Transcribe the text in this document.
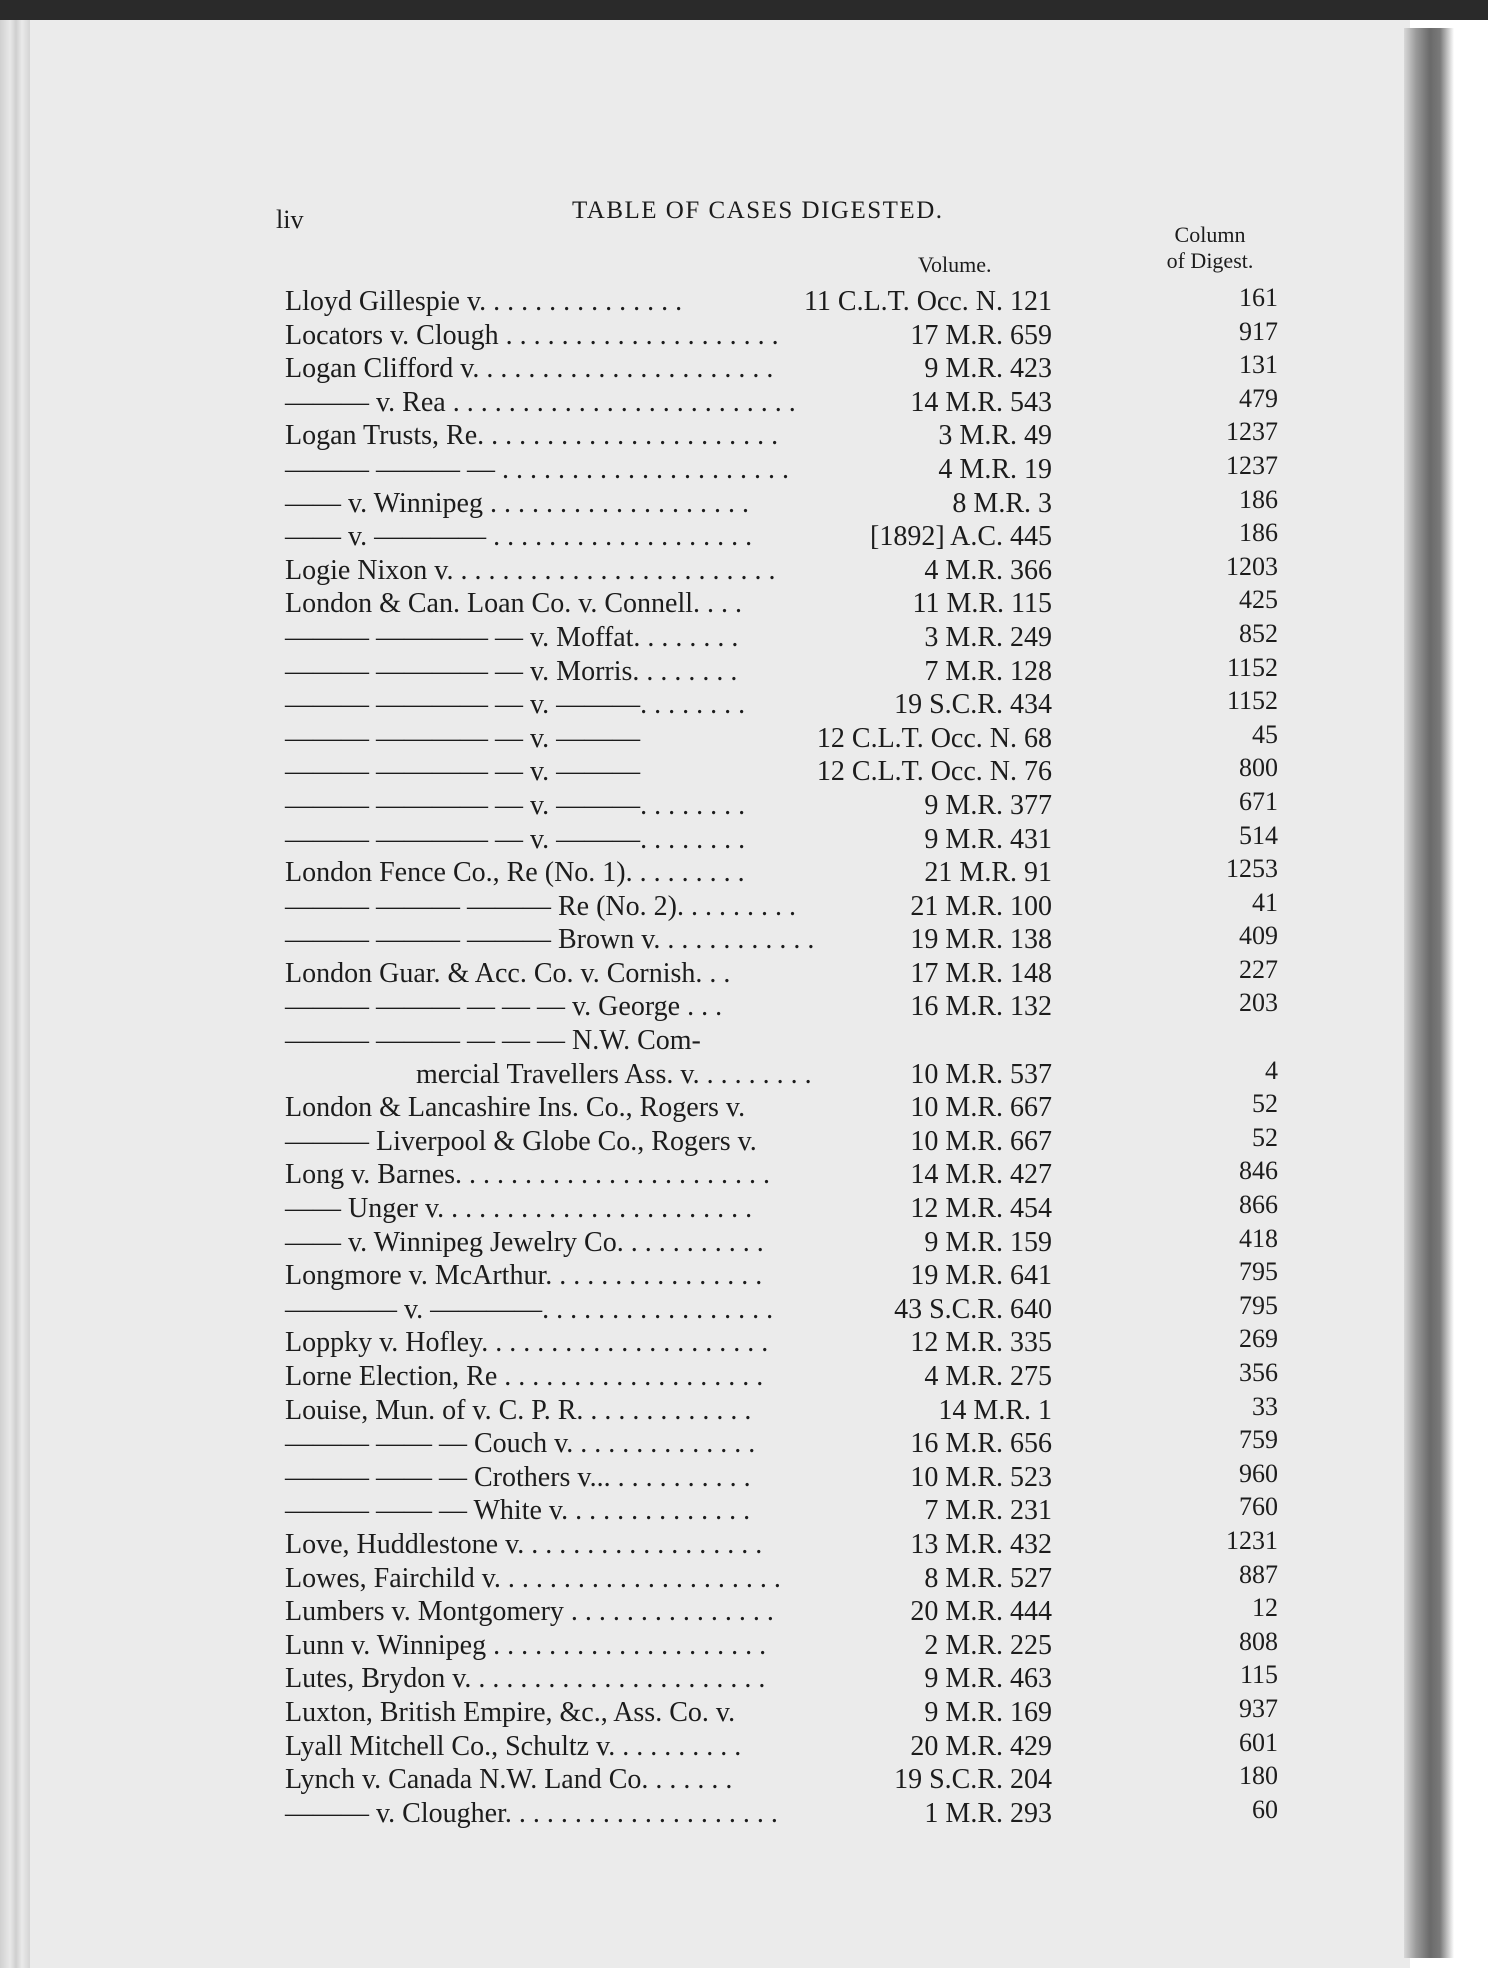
liv	TABLE OF CASES DIGESTED.
Column
of Digest.
Volume.
Lloyd Gillespie v. . . . . . . . . . . . . . .	11 C.L.T. Occ. N. 121	161
Locators v. Clough . . . . . . . . . . . . . . . . . . . .	17 M.R. 659	917
Logan Clifford v. . . . . . . . . . . . . . . . . . . . . .	9 M.R. 423	131
——— v. Rea . . . . . . . . . . . . . . . . . . . . . . . . .	14 M.R. 543	479
Logan Trusts, Re. . . . . . . . . . . . . . . . . . . . . .	3 M.R. 49	1237
——— ——— — . . . . . . . . . . . . . . . . . . . . .	4 M.R. 19	1237
—— v. Winnipeg . . . . . . . . . . . . . . . . . . .	8 M.R. 3	186
—— v. ———— . . . . . . . . . . . . . . . . . . .	[1892] A.C. 445	186
Logie Nixon v. . . . . . . . . . . . . . . . . . . . . . . .	4 M.R. 366	1203
London & Can. Loan Co. v. Connell. . . .	11 M.R. 115	425
——— ———— — v. Moffat. . . . . . . .	3 M.R. 249	852
——— ———— — v. Morris. . . . . . . .	7 M.R. 128	1152
——— ———— — v. ———. . . . . . . .	19 S.C.R. 434	1152
——— ———— — v. ———	12 C.L.T. Occ. N. 68	45
——— ———— — v. ———	12 C.L.T. Occ. N. 76	800
——— ———— — v. ———. . . . . . . .	9 M.R. 377	671
——— ———— — v. ———. . . . . . . .	9 M.R. 431	514
London Fence Co., Re (No. 1). . . . . . . . .	21 M.R. 91	1253
——— ——— ——— Re (No. 2). . . . . . . . .	21 M.R. 100	41
——— ——— ——— Brown v. . . . . . . . . . . .	19 M.R. 138	409
London Guar. & Acc. Co. v. Cornish. . .	17 M.R. 148	227
——— ——— — — — v. George . . .	16 M.R. 132	203
——— ——— — — — N.W. Com-
mercial Travellers Ass. v. . . . . . . . .	10 M.R. 537	4
London & Lancashire Ins. Co., Rogers v.	10 M.R. 667	52
——— Liverpool & Globe Co., Rogers v.	10 M.R. 667	52
Long v. Barnes. . . . . . . . . . . . . . . . . . . . . . .	14 M.R. 427	846
—— Unger v. . . . . . . . . . . . . . . . . . . . . . .	12 M.R. 454	866
—— v. Winnipeg Jewelry Co. . . . . . . . . . .	9 M.R. 159	418
Longmore v. McArthur. . . . . . . . . . . . . . . .	19 M.R. 641	795
———— v. ————. . . . . . . . . . . . . . . . .	43 S.C.R. 640	795
Loppky v. Hofley. . . . . . . . . . . . . . . . . . . . .	12 M.R. 335	269
Lorne Election, Re . . . . . . . . . . . . . . . . . . .	4 M.R. 275	356
Louise, Mun. of v. C. P. R. . . . . . . . . . . . .	14 M.R. 1	33
——— —— — Couch v. . . . . . . . . . . . . .	16 M.R. 656	759
——— —— — Crothers v... . . . . . . . . . .	10 M.R. 523	960
——— —— — White v. . . . . . . . . . . . . .	7 M.R. 231	760
Love, Huddlestone v. . . . . . . . . . . . . . . . . .	13 M.R. 432	1231
Lowes, Fairchild v. . . . . . . . . . . . . . . . . . . . .	8 M.R. 527	887
Lumbers v. Montgomery . . . . . . . . . . . . . . .	20 M.R. 444	12
Lunn v. Winnipeg . . . . . . . . . . . . . . . . . . . .	2 M.R. 225	808
Lutes, Brydon v. . . . . . . . . . . . . . . . . . . . . .	9 M.R. 463	115
Luxton, British Empire, &c., Ass. Co. v.	9 M.R. 169	937
Lyall Mitchell Co., Schultz v. . . . . . . . . .	20 M.R. 429	601
Lynch v. Canada N.W. Land Co. . . . . . .	19 S.C.R. 204	180
——— v. Clougher. . . . . . . . . . . . . . . . . . . .	1 M.R. 293	60
